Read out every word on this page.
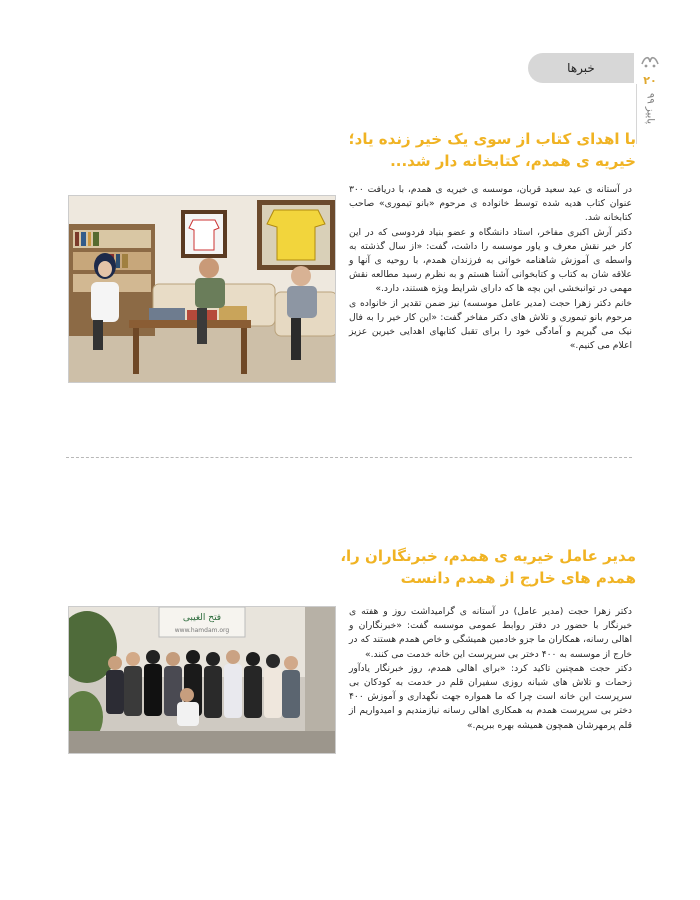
خبرها
۲۰
پاییز ۹۹
با اهدای کتاب از سوی یک خیر زنده یاد؛
خیریه ی همدم، کتابخانه دار شد...

در آستانه ی عید سعید قربان، موسسه ی خیریه ی همدم، با دریافت ۳۰۰ عنوان کتاب هدیه شده توسط خانواده ی مرحوم «بانو تیموری» صاحب کتابخانه شد.

دکتر آرش اکبری مفاخر، استاد دانشگاه و عضو بنیاد فردوسی که در این کار خیر نقش معرف و یاور موسسه را داشت، گفت: «از سال گذشته به واسطه ی آموزش شاهنامه خوانی به فرزندان همدم، با روحیه ی آنها و علاقه شان به کتاب و کتابخوانی آشنا هستم و به نظرم رسید مطالعه نقش مهمی در توانبخشی این بچه ها که دارای شرایط ویژه هستند، دارد.»

خانم دکتر زهرا حجت (مدیر عامل موسسه) نیز ضمن تقدیر از خانواده ی مرحوم بانو تیموری و تلاش های دکتر مفاخر گفت: «این کار خیر را به فال نیک می گیریم و آمادگی خود را برای تقبل کتابهای اهدایی خیرین عزیز اعلام می کنیم.»

مدیر عامل خیریه ی همدم، خبرنگاران را،
همدم های خارج از همدم دانست

دکتر زهرا حجت (مدیر عامل) در آستانه ی گرامیداشت روز و هفته ی خبرنگار با حضور در دفتر روابط عمومی موسسه گفت: «خبرنگاران و اهالی رسانه، همکاران ما جزو خادمین همیشگی و خاص همدم هستند که در خارج از موسسه به ۴۰۰ دختر بی سرپرست این خانه خدمت می کنند.»

دکتر حجت همچنین تاکید کرد: «برای اهالی همدم، روز خبرنگار یادآور زحمات و تلاش های شبانه روزی سفیران قلم در خدمت به کودکان بی سرپرست این خانه است چرا که ما همواره جهت نگهداری و آموزش ۴۰۰ دختر بی سرپرست همدم به همکاری اهالی رسانه نیازمندیم و امیدواریم از قلم پرمهرشان همچون همیشه بهره ببریم.»

فتح الغیبی
www.hamdam.org
